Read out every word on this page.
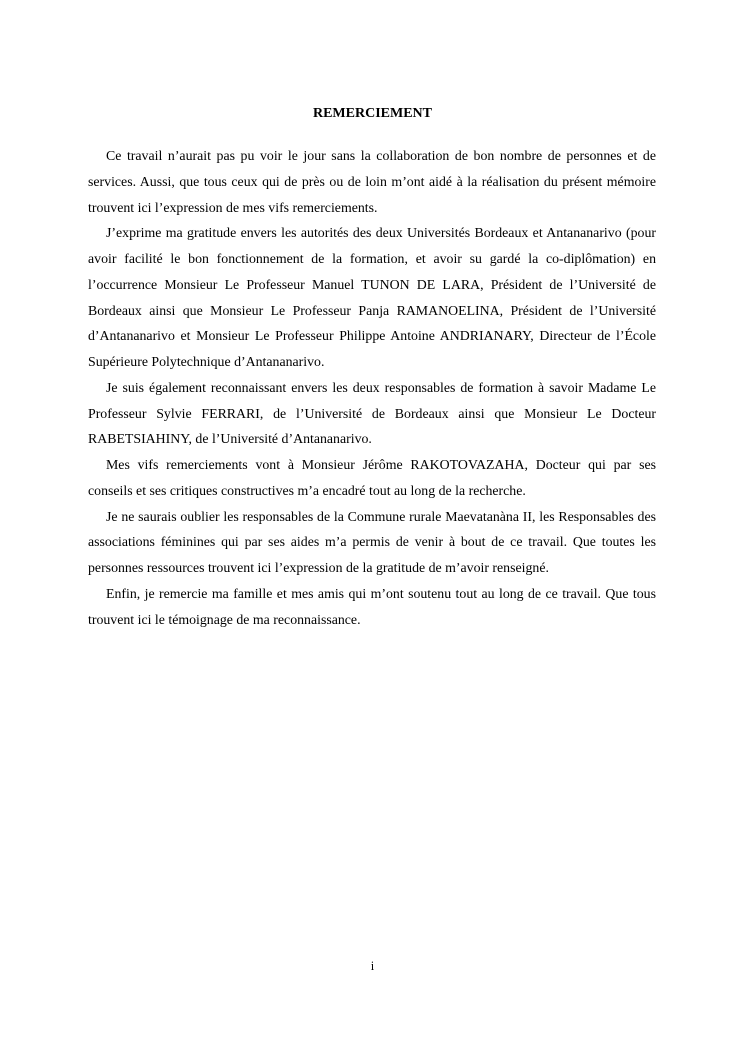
REMERCIEMENT

Ce travail n’aurait pas pu voir le jour sans la collaboration de bon nombre de personnes et de services. Aussi, que tous ceux qui de près ou de loin m’ont aidé à la réalisation du présent mémoire trouvent ici l’expression de mes vifs remerciements.

J’exprime ma gratitude envers les autorités des deux Universités Bordeaux et Antananarivo (pour avoir facilité le bon fonctionnement de la formation, et avoir su gardé la co-diplômation) en l’occurrence Monsieur Le Professeur Manuel TUNON DE LARA, Président de l’Université de Bordeaux ainsi que Monsieur Le Professeur Panja RAMANOELINA, Président de l’Université d’Antananarivo et Monsieur Le Professeur Philippe Antoine ANDRIANARY, Directeur de l’École Supérieure Polytechnique d’Antananarivo.

Je suis également reconnaissant envers les deux responsables de formation à savoir Madame Le Professeur Sylvie FERRARI, de l’Université de Bordeaux ainsi que Monsieur Le Docteur RABETSIAHINY, de l’Université d’Antananarivo.

Mes vifs remerciements vont à Monsieur Jérôme RAKOTOVAZAHA, Docteur qui par ses conseils et ses critiques constructives m’a encadré tout au long de la recherche.

Je ne saurais oublier les responsables de la Commune rurale Maevatanàna II, les Responsables des associations féminines qui par ses aides m’a permis de venir à bout de ce travail. Que toutes les personnes ressources trouvent ici l’expression de la gratitude de m’avoir renseigné.

Enfin, je remercie ma famille et mes amis qui m’ont soutenu tout au long de ce travail. Que tous trouvent ici le témoignage de ma reconnaissance.

i
